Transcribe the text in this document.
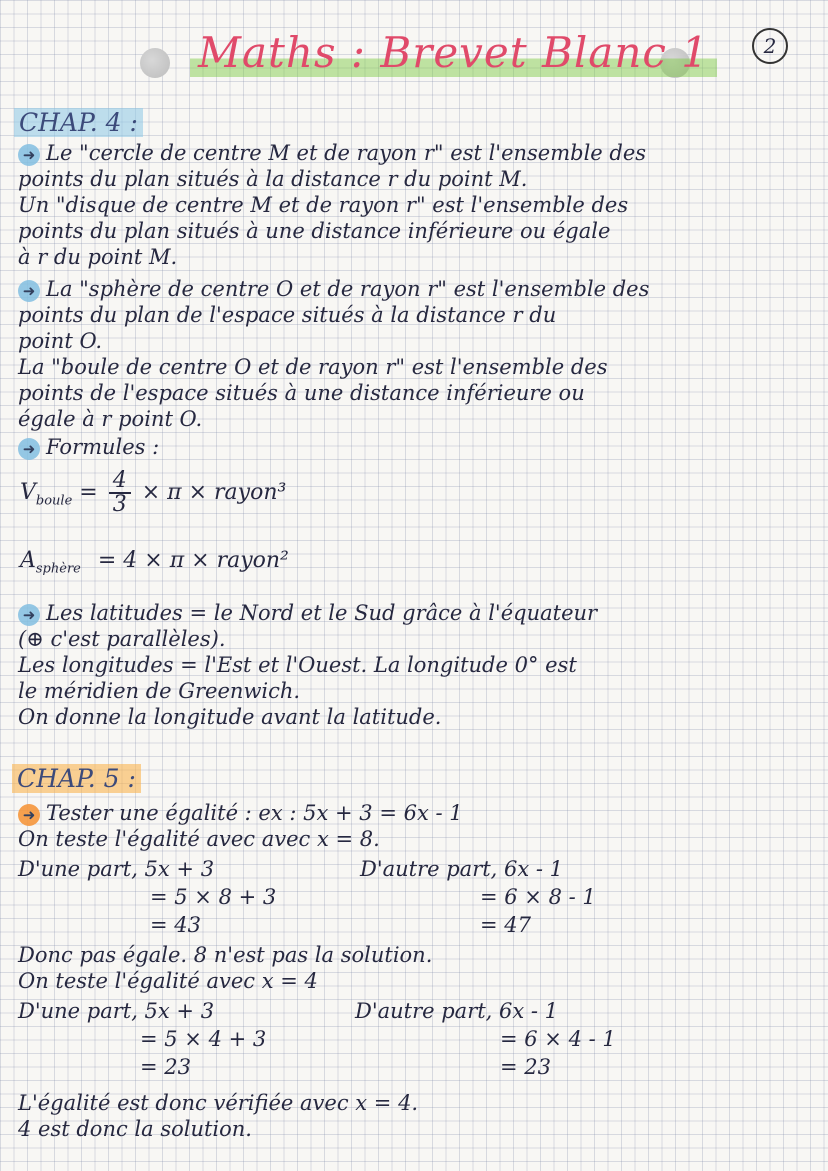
Maths : Brevet Blanc 1	2
CHAP. 4 :
➜ Le "cercle de centre M et de rayon r" est l'ensemble des
points du plan situés à la distance r du point M.
Un "disque de centre M et de rayon r" est l'ensemble des
points du plan situés à une distance inférieure ou égale
à r du point M.
➜ La "sphère de centre O et de rayon r" est l'ensemble des
points du plan de l'espace situés à la distance r du
point O.
La "boule de centre O et de rayon r" est l'ensemble des
points de l'espace situés à une distance inférieure ou
égale à r point O.
➜ Formules :
$V_{boule} = \frac{4}{3} \times \pi$ × rayon³
$A_{sphère} = 4 \times \pi$ × rayon²
➜ Les latitudes = le Nord et le Sud grâce à l'équateur
(⊕ c'est parallèles).
Les longitudes = l'Est et l'Ouest. La longitude 0° est
le méridien de Greenwich.
On donne la longitude avant la latitude.
CHAP. 5 :
➜ Tester une égalité : ex : 5x + 3 = 6x - 1
On teste l'égalité avec avec x = 8.
D'une part, 5x + 3
= 5 × 8 + 3
= 43
D'autre part, 6x - 1
= 6 × 8 - 1
= 47
Donc pas égale. 8 n'est pas la solution.
On teste l'égalité avec x = 4
D'une part, 5x + 3
= 5 × 4 + 3
= 23
D'autre part, 6x - 1
= 6 × 4 - 1
= 23
L'égalité est donc vérifiée avec x = 4.
4 est donc la solution.
